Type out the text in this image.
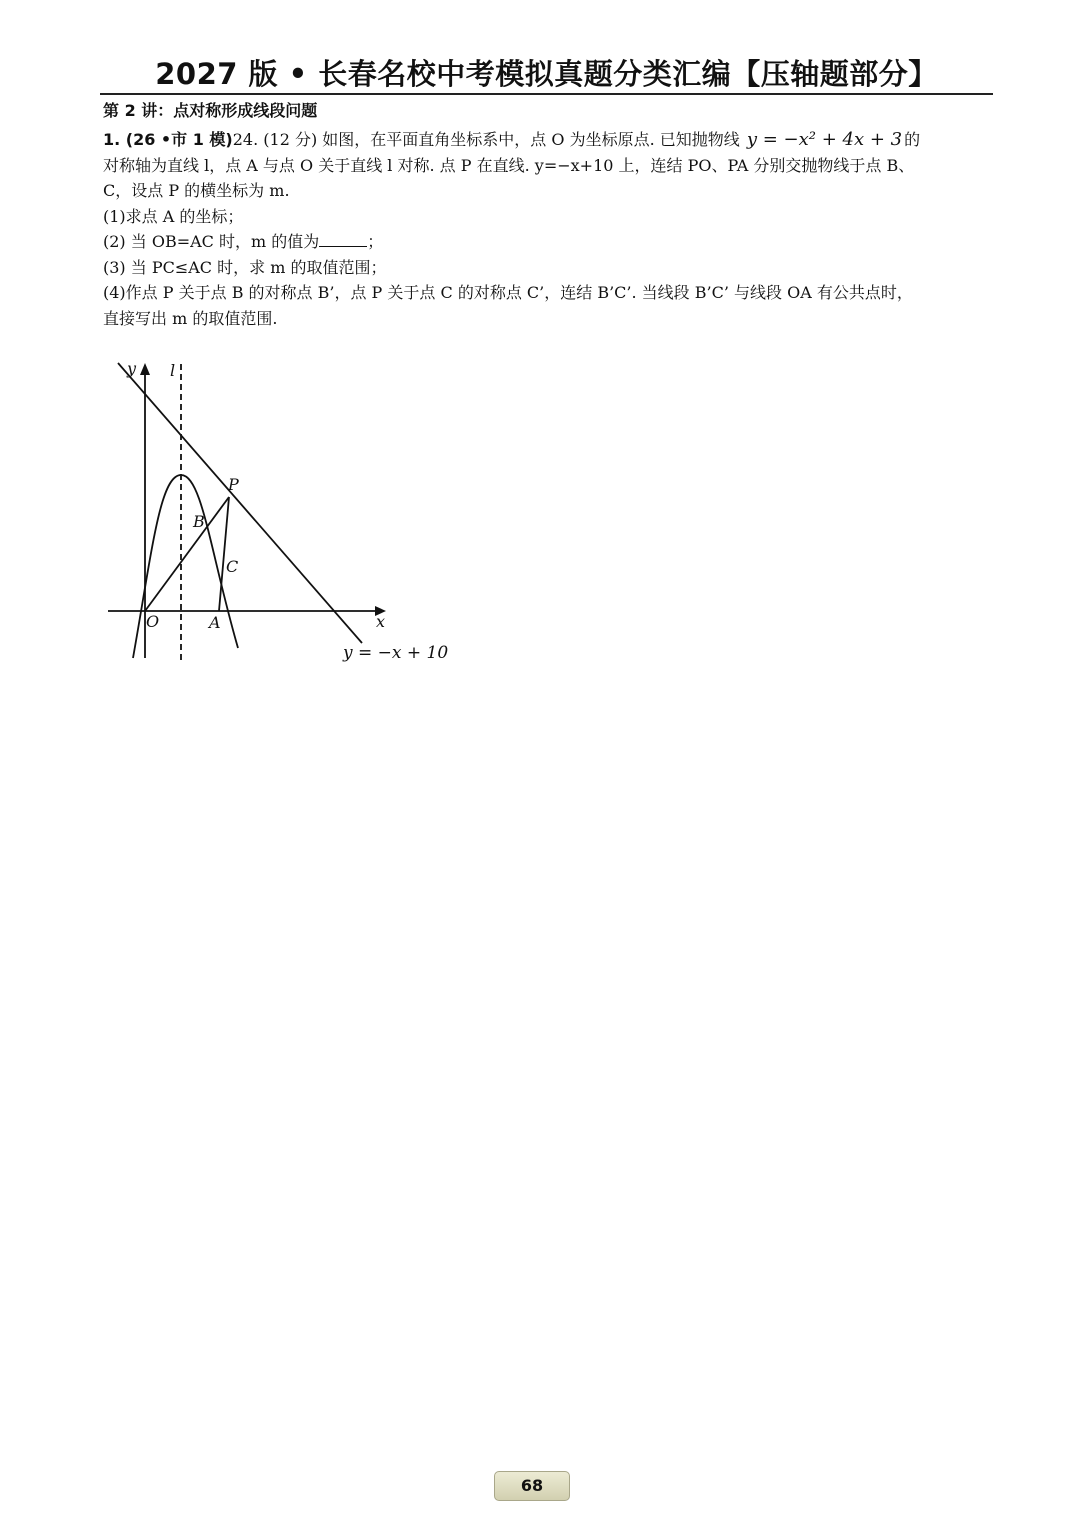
2027 版 • 长春名校中考模拟真题分类汇编【压轴题部分】
第 2 讲：点对称形成线段问题

1. (26 •市 1 模)24. (12 分) 如图，在平面直角坐标系中，点 O 为坐标原点. 已知抛物线 y = −x² + 4x + 3 的

对称轴为直线 l，点 A 与点 O 关于直线 l 对称. 点 P 在直线. y=−x+10 上，连结 PO、PA 分别交抛物线于点 B、

C，设点 P 的横坐标为 m.

(1)求点 A 的坐标；

(2) 当 OB=AC 时，m 的值为	；

(3) 当 PC≤AC 时，求 m 的取值范围；

(4)作点 P 关于点 B 的对称点 B’，点 P 关于点 C 的对称点 C’，连结 B’C’. 当线段 B’C’ 与线段 OA 有公共点时，

直接写出 m 的取值范围.

y l
x
O	A
B
C
P
y = −x + 10
68
